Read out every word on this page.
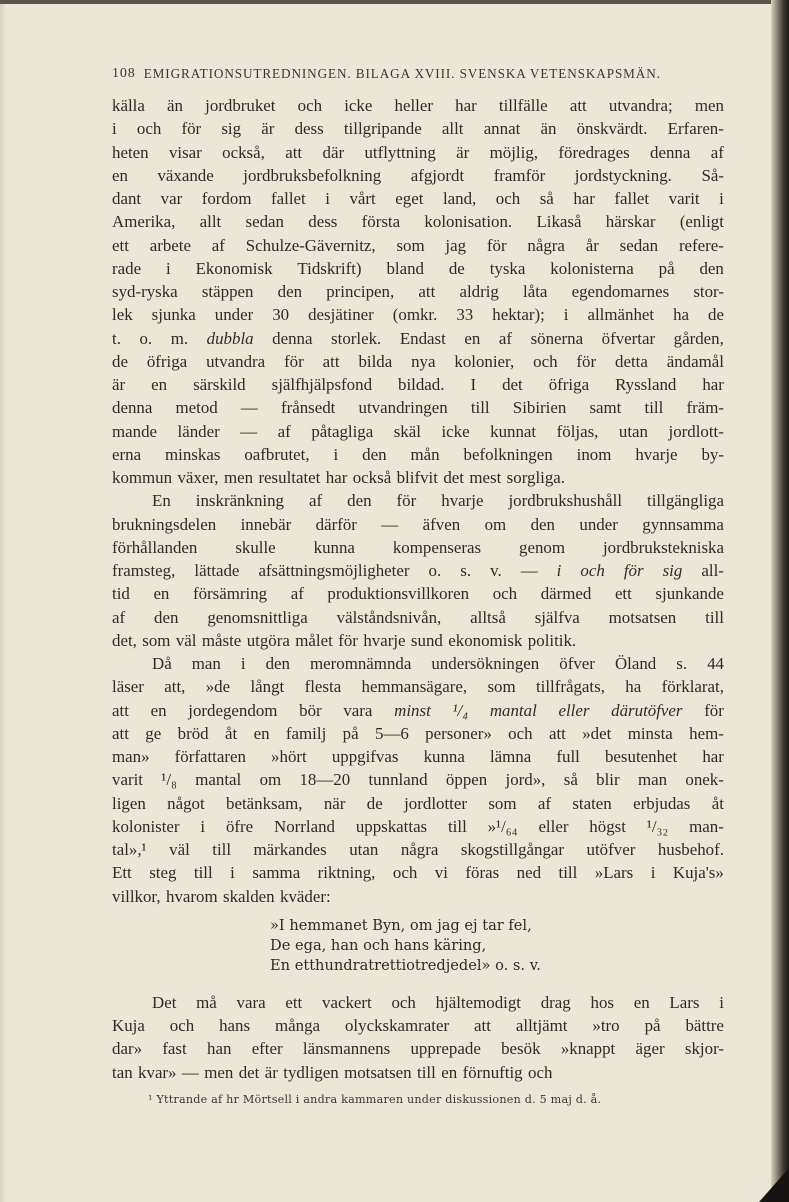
108 EMIGRATIONSUTREDNINGEN. BILAGA XVIII. SVENSKA VETENSKAPSMÄN.
källa än jordbruket och icke heller har tillfälle att utvandra; men
i och för sig är dess tillgripande allt annat än önskvärdt. Erfaren-
heten visar också, att där utflyttning är möjlig, föredrages denna af
en växande jordbruksbefolkning afgjordt framför jordstyckning. Så-
dant var fordom fallet i vårt eget land, och så har fallet varit i
Amerika, allt sedan dess första kolonisation. Likaså härskar (enligt
ett arbete af Schulze-Gävernitz, som jag för några år sedan refere-
rade i Ekonomisk Tidskrift) bland de tyska kolonisterna på den
syd-ryska stäppen den principen, att aldrig låta egendomarnes stor-
lek sjunka under 30 desjätiner (omkr. 33 hektar); i allmänhet ha de
t. o. m. dubbla denna storlek. Endast en af sönerna öfvertar gården,
de öfriga utvandra för att bilda nya kolonier, och för detta ändamål
är en särskild själfhjälpsfond bildad. I det öfriga Ryssland har
denna metod — frånsedt utvandringen till Sibirien samt till främ-
mande länder — af påtagliga skäl icke kunnat följas, utan jordlott-
erna minskas oafbrutet, i den mån befolkningen inom hvarje by-
kommun växer, men resultatet har också blifvit det mest sorgliga.
En inskränkning af den för hvarje jordbrukshushåll tillgängliga
brukningsdelen innebär därför — äfven om den under gynnsamma
förhållanden skulle kunna kompenseras genom jordbrukstekniska
framsteg, lättade afsättningsmöjligheter o. s. v. — i och för sig all-
tid en försämring af produktionsvillkoren och därmed ett sjunkande
af den genomsnittliga välståndsnivån, alltså själfva motsatsen till
det, som väl måste utgöra målet för hvarje sund ekonomisk politik.
Då man i den meromnämnda undersökningen öfver Öland s. 44
läser att, »de långt flesta hemmansägare, som tillfrågats, ha förklarat,
att en jordegendom bör vara minst ¹/₄ mantal eller därutöfver för
att ge bröd åt en familj på 5—6 personer» och att »det minsta hem-
man» författaren »hört uppgifvas kunna lämna full besutenhet har
varit ¹/₈ mantal om 18—20 tunnland öppen jord», så blir man onek-
ligen något betänksam, när de jordlotter som af staten erbjudas åt
kolonister i öfre Norrland uppskattas till »¹/₆₄ eller högst ¹/₃₂ man-
tal»,¹ väl till märkandes utan några skogstillgångar utöfver husbehof.
Ett steg till i samma riktning, och vi föras ned till »Lars i Kuja's»
villkor, hvarom skalden kväder:
»I hemmanet Byn, om jag ej tar fel,
De ega, han och hans käring,
En etthundratrettiotredjedel» o. s. v.
Det må vara ett vackert och hjältemodigt drag hos en Lars i
Kuja och hans många olyckskamrater att alltjämt »tro på bättre
dar» fast han efter länsmannens upprepade besök »knappt äger skjor-
tan kvar» — men det är tydligen motsatsen till en förnuftig och
¹ Yttrande af hr Mörtsell i andra kammaren under diskussionen d. 5 maj d. å.
